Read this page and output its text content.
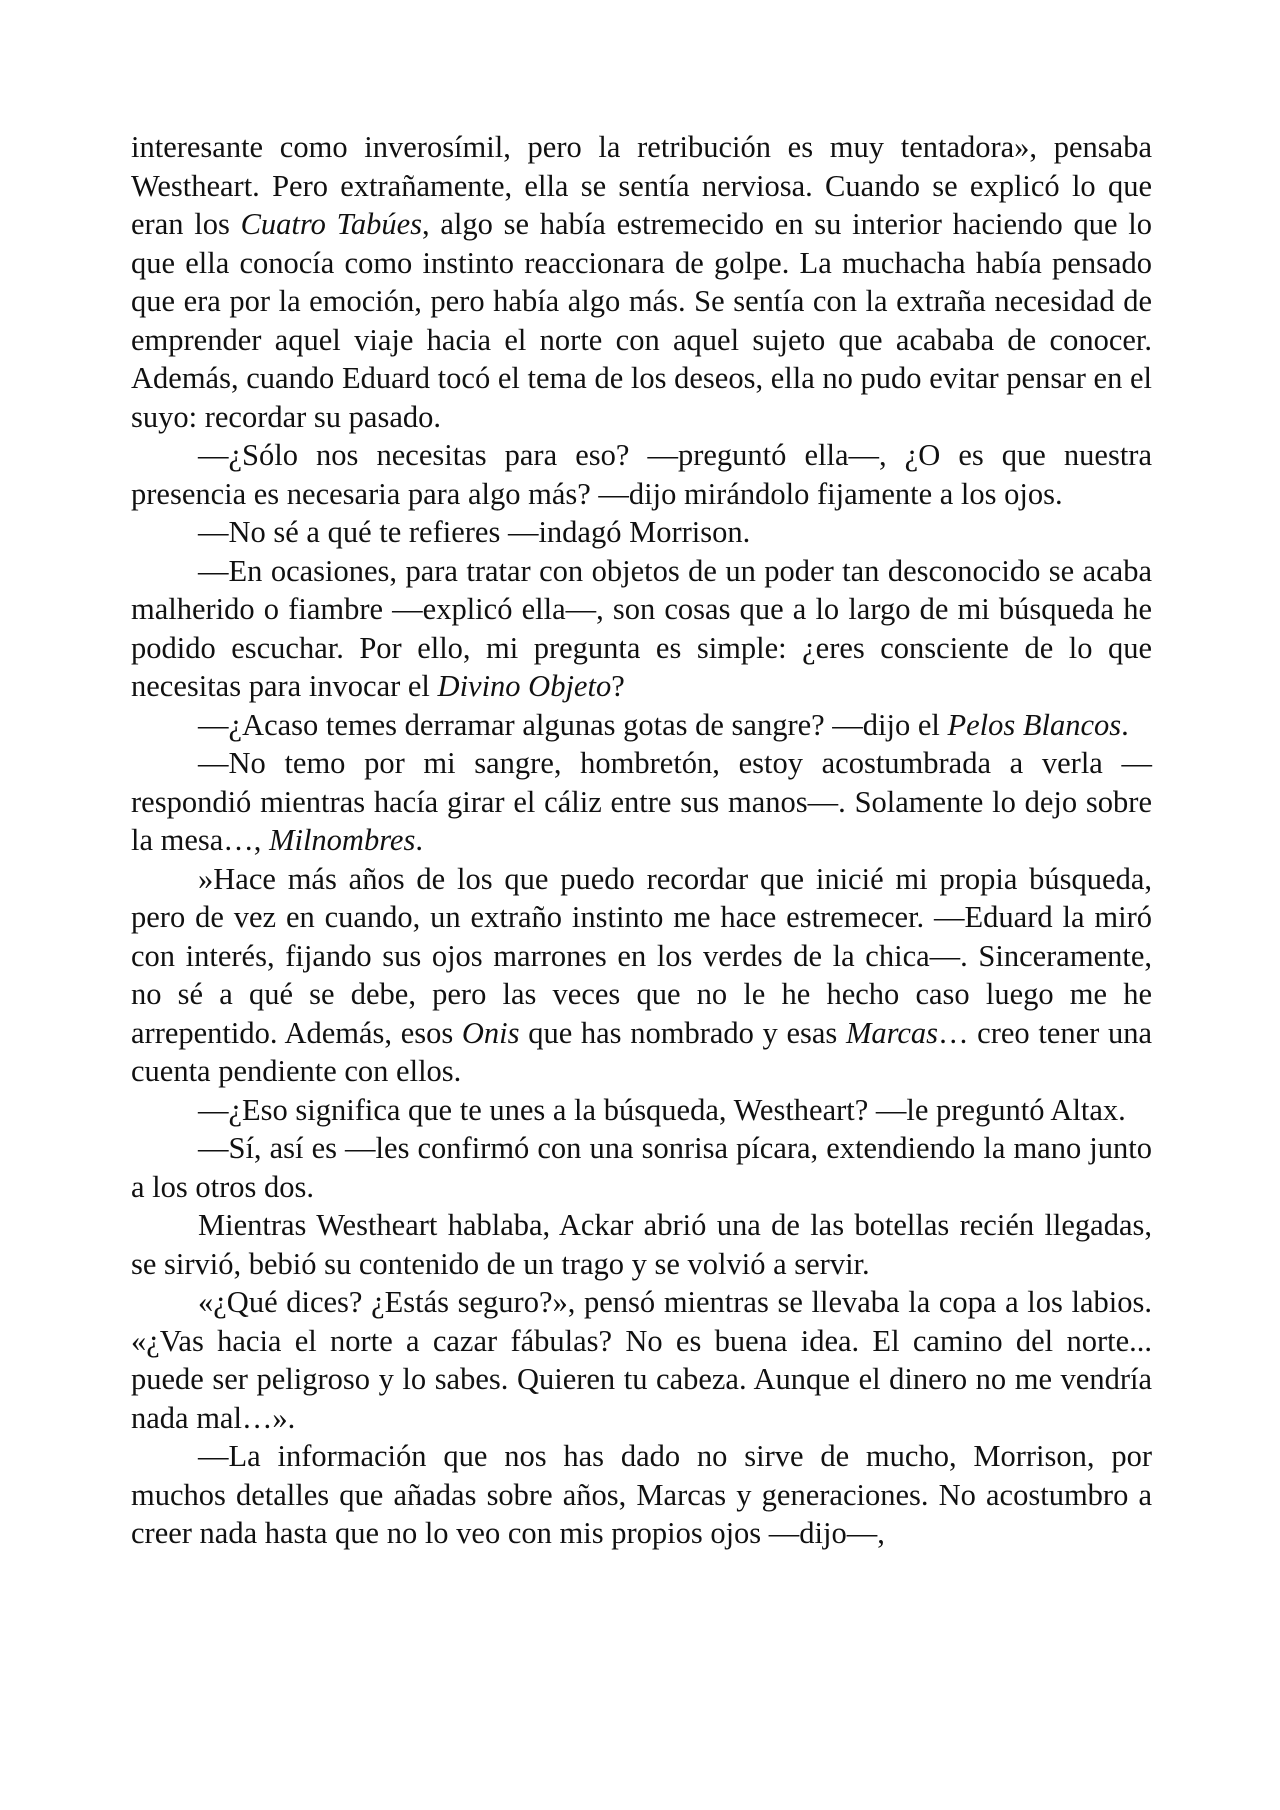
interesante como inverosímil, pero la retribución es muy tentadora», pensaba Westheart. Pero extrañamente, ella se sentía nerviosa. Cuando se explicó lo que eran los Cuatro Tabúes, algo se había estremecido en su interior haciendo que lo que ella conocía como instinto reaccionara de golpe. La muchacha había pensado que era por la emoción, pero había algo más. Se sentía con la extraña necesidad de emprender aquel viaje hacia el norte con aquel sujeto que acababa de conocer. Además, cuando Eduard tocó el tema de los deseos, ella no pudo evitar pensar en el suyo: recordar su pasado.

—¿Sólo nos necesitas para eso? —preguntó ella—, ¿O es que nuestra presencia es necesaria para algo más? —dijo mirándolo fijamente a los ojos.

—No sé a qué te refieres —indagó Morrison.

—En ocasiones, para tratar con objetos de un poder tan desconocido se acaba malherido o fiambre —explicó ella—, son cosas que a lo largo de mi búsqueda he podido escuchar. Por ello, mi pregunta es simple: ¿eres consciente de lo que necesitas para invocar el Divino Objeto?

—¿Acaso temes derramar algunas gotas de sangre? —dijo el Pelos Blancos.

—No temo por mi sangre, hombretón, estoy acostumbrada a verla — respondió mientras hacía girar el cáliz entre sus manos—. Solamente lo dejo sobre la mesa…, Milnombres.

»Hace más años de los que puedo recordar que inicié mi propia búsqueda, pero de vez en cuando, un extraño instinto me hace estremecer. —Eduard la miró con interés, fijando sus ojos marrones en los verdes de la chica—. Sinceramente, no sé a qué se debe, pero las veces que no le he hecho caso luego me he arrepentido. Además, esos Onis que has nombrado y esas Marcas… creo tener una cuenta pendiente con ellos.

—¿Eso significa que te unes a la búsqueda, Westheart? —le preguntó Altax.

—Sí, así es —les confirmó con una sonrisa pícara, extendiendo la mano junto a los otros dos.

Mientras Westheart hablaba, Ackar abrió una de las botellas recién llegadas, se sirvió, bebió su contenido de un trago y se volvió a servir.

«¿Qué dices? ¿Estás seguro?», pensó mientras se llevaba la copa a los labios. «¿Vas hacia el norte a cazar fábulas? No es buena idea. El camino del norte... puede ser peligroso y lo sabes. Quieren tu cabeza. Aunque el dinero no me vendría nada mal…».

—La información que nos has dado no sirve de mucho, Morrison, por muchos detalles que añadas sobre años, Marcas y generaciones. No acostumbro a creer nada hasta que no lo veo con mis propios ojos —dijo—,
